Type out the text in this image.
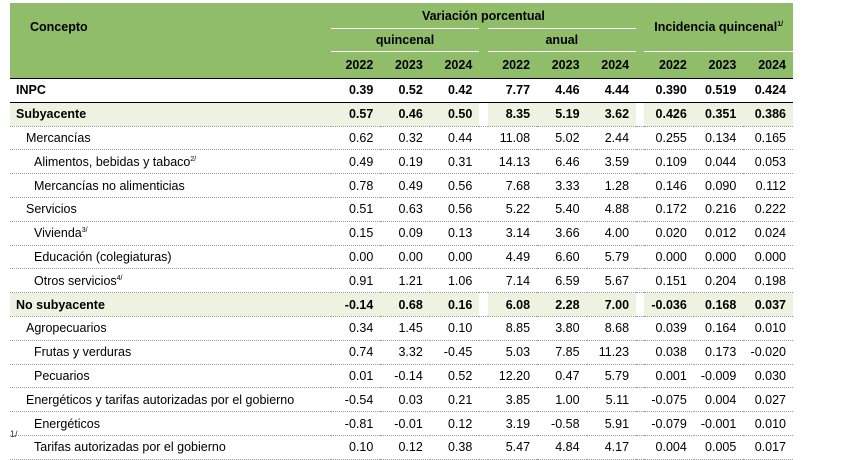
Concepto	Variación porcentual								Incidencia quincenal$^{1/}$
	quincenal				anual						
	2022	2023	2024		2022	2023	2024		2022	2023	2024
INPC	0.39	0.52	0.42		7.77	4.46	4.44		0.390	0.519	0.424
Subyacente	0.57	0.46	0.50		8.35	5.19	3.62		0.426	0.351	0.386
Mercancías	0.62	0.32	0.44		11.08	5.02	2.44		0.255	0.134	0.165
Alimentos, bebidas y tabaco$^{2/}$	0.49	0.19	0.31		14.13	6.46	3.59		0.109	0.044	0.053
Mercancías no alimenticias	0.78	0.49	0.56		7.68	3.33	1.28		0.146	0.090	0.112
Servicios	0.51	0.63	0.56		5.22	5.40	4.88		0.172	0.216	0.222
Vivienda$^{3/}$	0.15	0.09	0.13		3.14	3.66	4.00		0.020	0.012	0.024
Educación (colegiaturas)	0.00	0.00	0.00		4.49	6.60	5.79		0.000	0.000	0.000
Otros servicios$^{4/}$	0.91	1.21	1.06		7.14	6.59	5.67		0.151	0.204	0.198
No subyacente	-0.14	0.68	0.16		6.08	2.28	7.00		-0.036	0.168	0.037
Agropecuarios	0.34	1.45	0.10		8.85	3.80	8.68		0.039	0.164	0.010
Frutas y verduras	0.74	3.32	-0.45		5.03	7.85	11.23		0.038	0.173	-0.020
Pecuarios	0.01	-0.14	0.52		12.20	0.47	5.79		0.001	-0.009	0.030
Energéticos y tarifas autorizadas por el gobierno	-0.54	0.03	0.21		3.85	1.00	5.11		-0.075	0.004	0.027
Energéticos	-0.81	-0.01	0.12		3.19	-0.58	5.91		-0.079	-0.001	0.010
Tarifas autorizadas por el gobierno	0.10	0.12	0.38		5.47	4.84	4.17		0.004	0.005	0.017
1/
